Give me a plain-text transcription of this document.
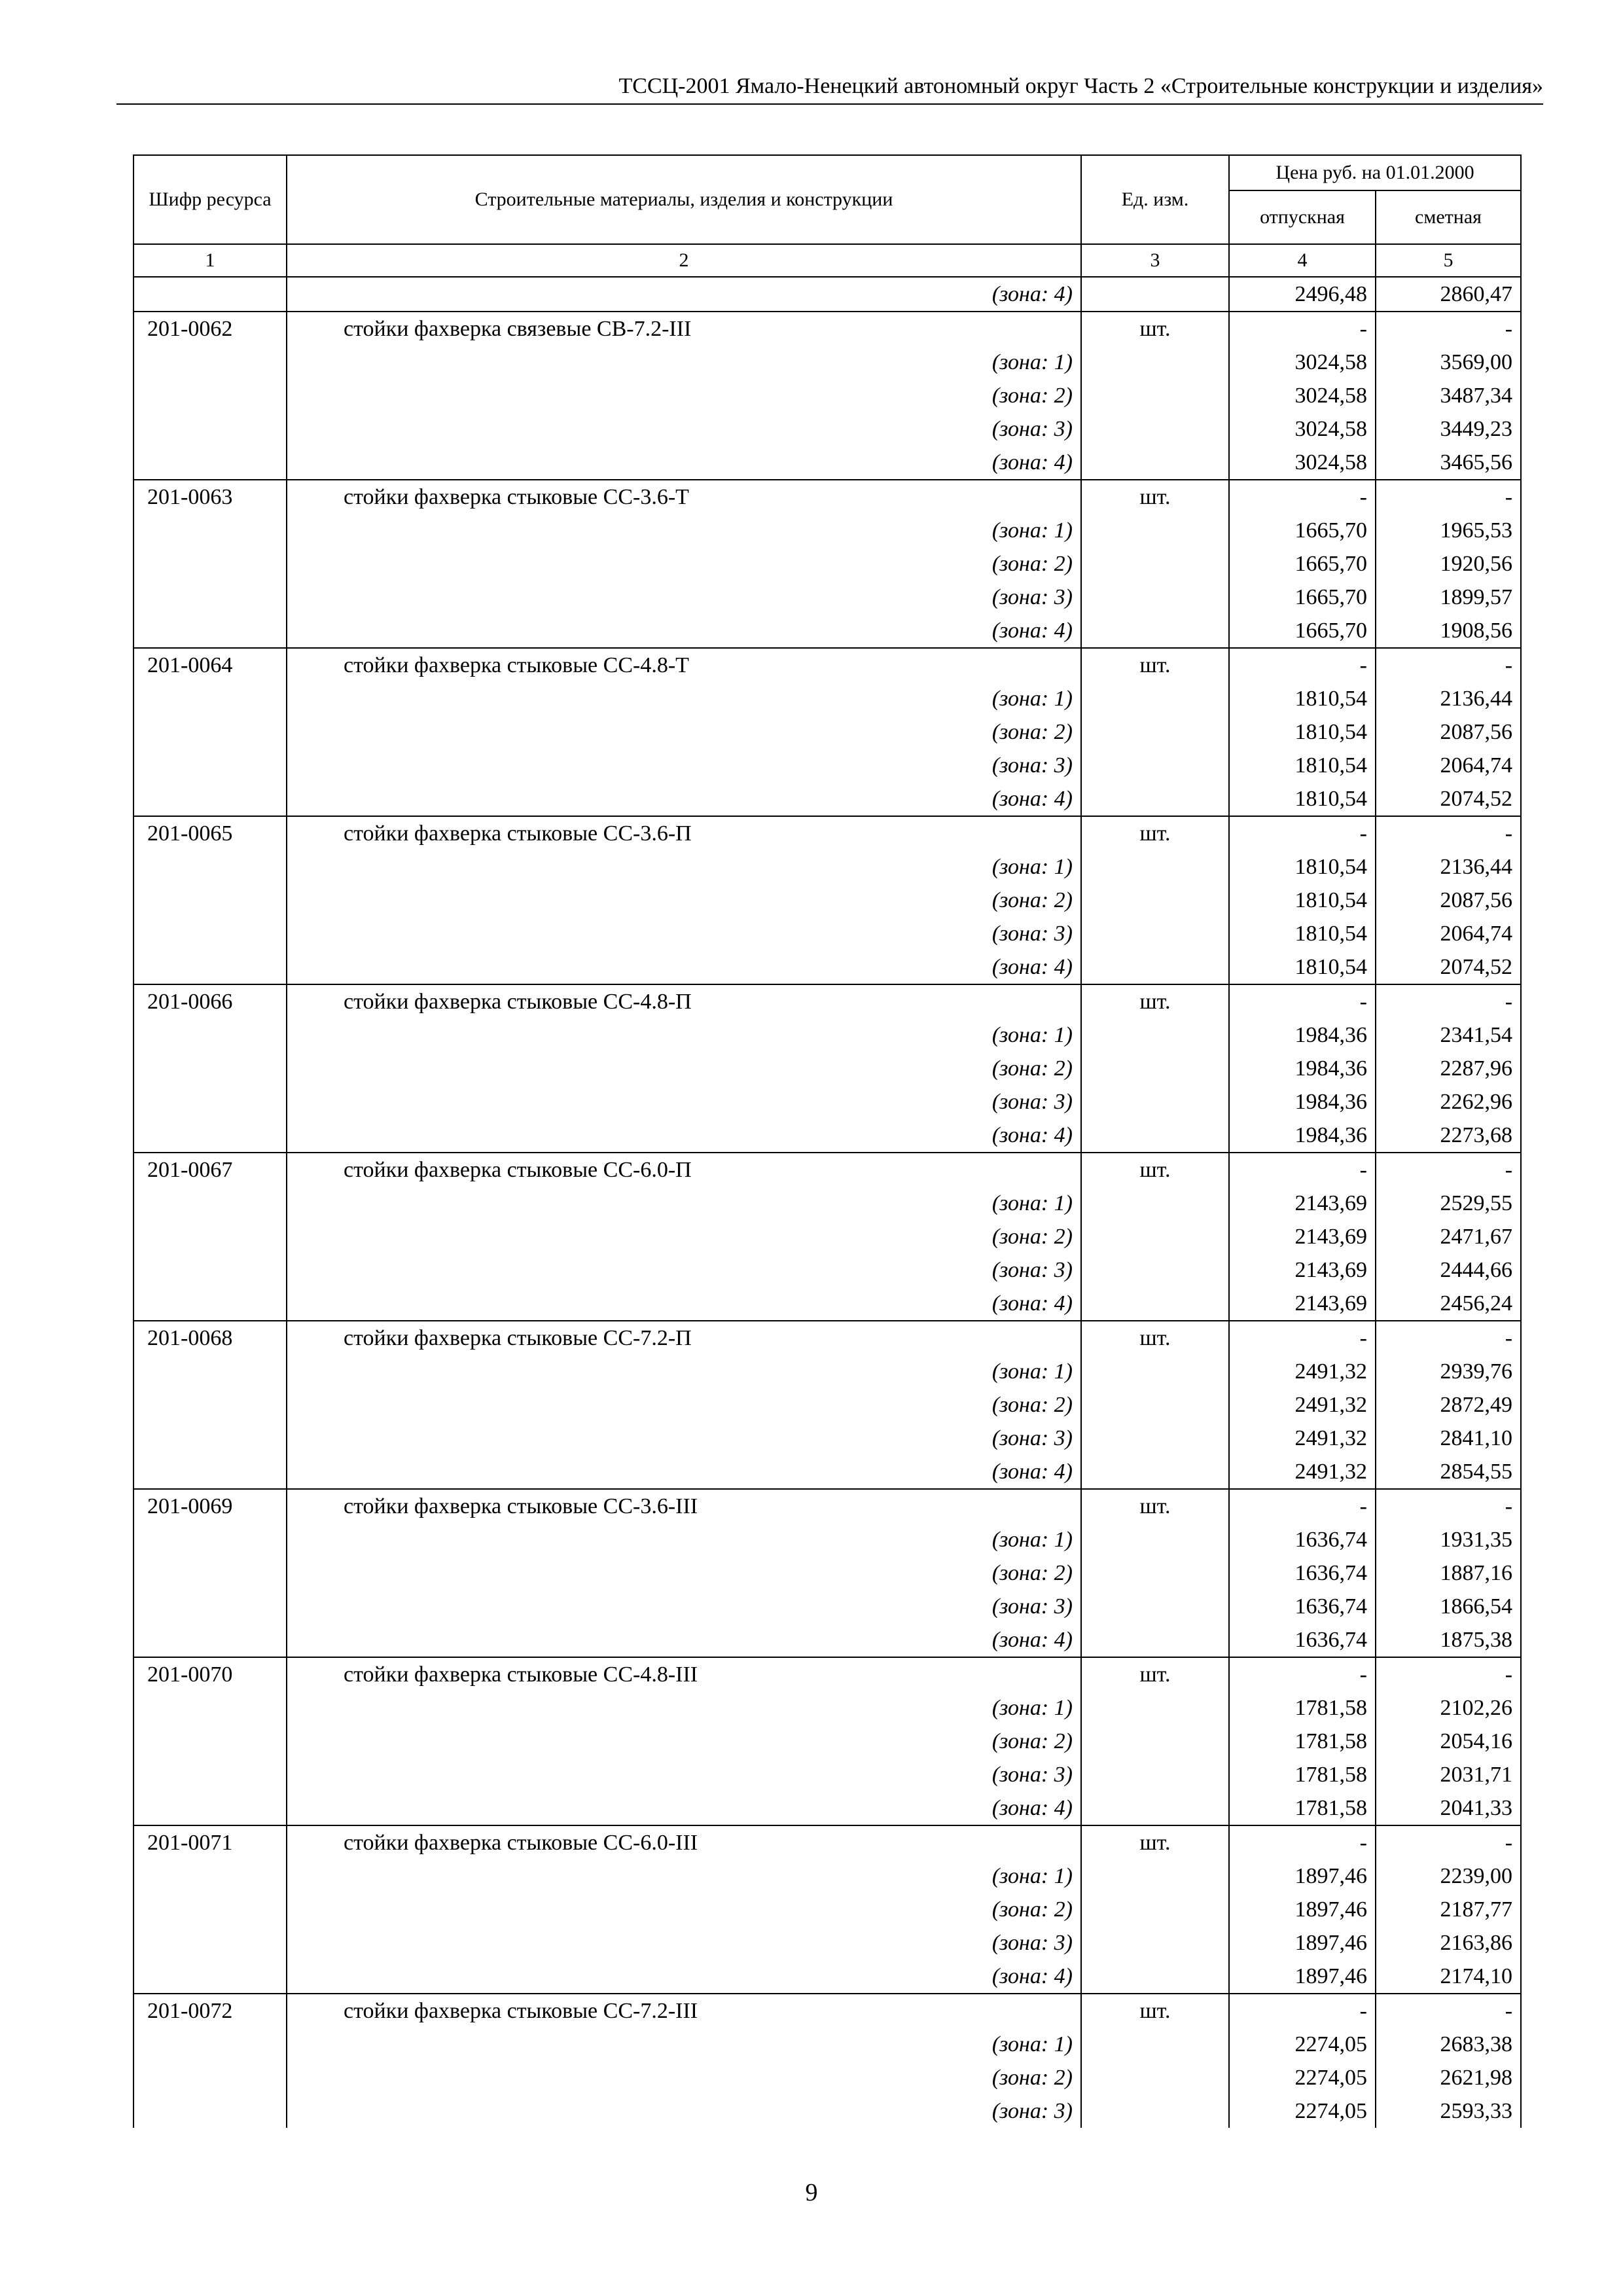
ТССЦ-2001 Ямало-Ненецкий автономный округ Часть 2 «Строительные конструкции и изделия»
Шифр ресурса	Строительные материалы, изделия и конструкции	Ед. изм.	Цена руб. на 01.01.2000	
			отпускная	сметная
1	2	3	4	5
	(зона: 4)		2496,48	2860,47
201-0062	стойки фахверка связевые СВ-7.2-III	шт.	-	-
	(зона: 1)		3024,58	3569,00
	(зона: 2)		3024,58	3487,34
	(зона: 3)		3024,58	3449,23
	(зона: 4)		3024,58	3465,56
201-0063	стойки фахверка стыковые СС-3.6-Т	шт.	-	-
	(зона: 1)		1665,70	1965,53
	(зона: 2)		1665,70	1920,56
	(зона: 3)		1665,70	1899,57
	(зона: 4)		1665,70	1908,56
201-0064	стойки фахверка стыковые СС-4.8-Т	шт.	-	-
	(зона: 1)		1810,54	2136,44
	(зона: 2)		1810,54	2087,56
	(зона: 3)		1810,54	2064,74
	(зона: 4)		1810,54	2074,52
201-0065	стойки фахверка стыковые СС-3.6-П	шт.	-	-
	(зона: 1)		1810,54	2136,44
	(зона: 2)		1810,54	2087,56
	(зона: 3)		1810,54	2064,74
	(зона: 4)		1810,54	2074,52
201-0066	стойки фахверка стыковые СС-4.8-П	шт.	-	-
	(зона: 1)		1984,36	2341,54
	(зона: 2)		1984,36	2287,96
	(зона: 3)		1984,36	2262,96
	(зона: 4)		1984,36	2273,68
201-0067	стойки фахверка стыковые СС-6.0-П	шт.	-	-
	(зона: 1)		2143,69	2529,55
	(зона: 2)		2143,69	2471,67
	(зона: 3)		2143,69	2444,66
	(зона: 4)		2143,69	2456,24
201-0068	стойки фахверка стыковые СС-7.2-П	шт.	-	-
	(зона: 1)		2491,32	2939,76
	(зона: 2)		2491,32	2872,49
	(зона: 3)		2491,32	2841,10
	(зона: 4)		2491,32	2854,55
201-0069	стойки фахверка стыковые СС-3.6-III	шт.	-	-
	(зона: 1)		1636,74	1931,35
	(зона: 2)		1636,74	1887,16
	(зона: 3)		1636,74	1866,54
	(зона: 4)		1636,74	1875,38
201-0070	стойки фахверка стыковые СС-4.8-III	шт.	-	-
	(зона: 1)		1781,58	2102,26
	(зона: 2)		1781,58	2054,16
	(зона: 3)		1781,58	2031,71
	(зона: 4)		1781,58	2041,33
201-0071	стойки фахверка стыковые СС-6.0-III	шт.	-	-
	(зона: 1)		1897,46	2239,00
	(зона: 2)		1897,46	2187,77
	(зона: 3)		1897,46	2163,86
	(зона: 4)		1897,46	2174,10
201-0072	стойки фахверка стыковые СС-7.2-III	шт.	-	-
	(зона: 1)		2274,05	2683,38
	(зона: 2)		2274,05	2621,98
	(зона: 3)		2274,05	2593,33
9
